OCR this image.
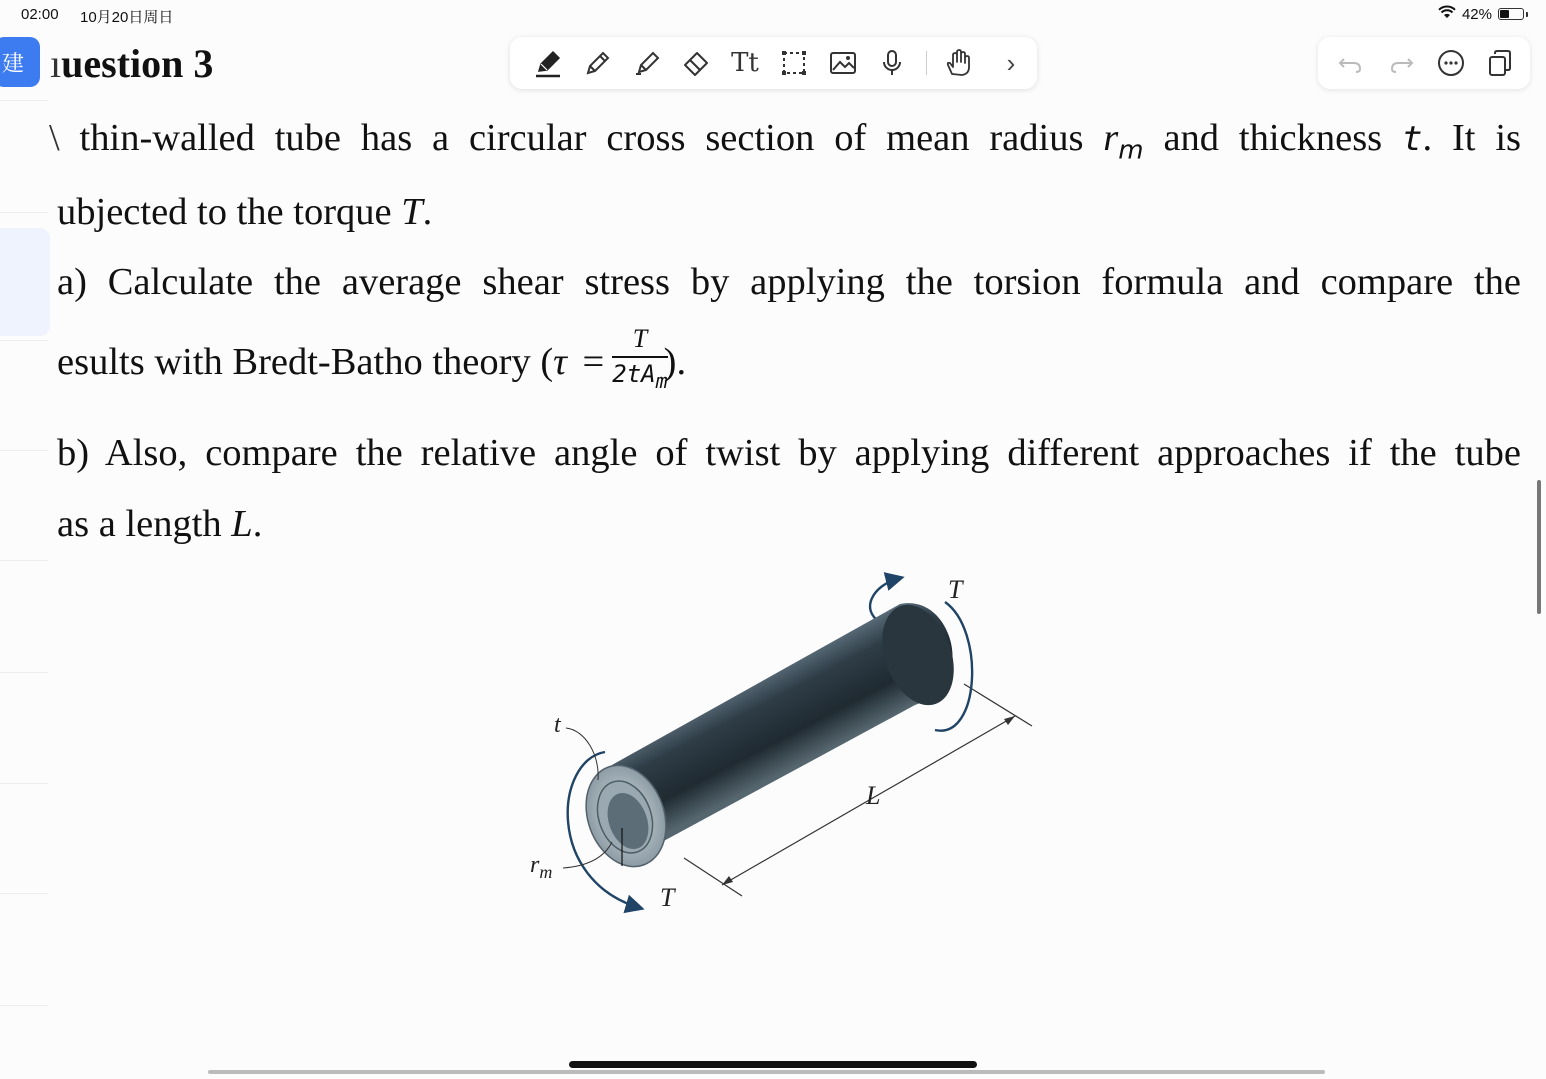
02:00 10月20日周日	42%
建	Tt	›
ıuestion 3
\ thin-walled tube has a circular cross section of mean radius $r_m$ and thickness t. It is
ubjected to the torque T.
a) Calculate the average shear stress by applying the torsion formula and compare the
esults with Bredt-Batho theory ($\tau = \frac{T}{2tA_m}$
).
b) Also, compare the relative angle of twist by applying different approaches if the tube
as a length L.
t
$r_m$
T
T
L
